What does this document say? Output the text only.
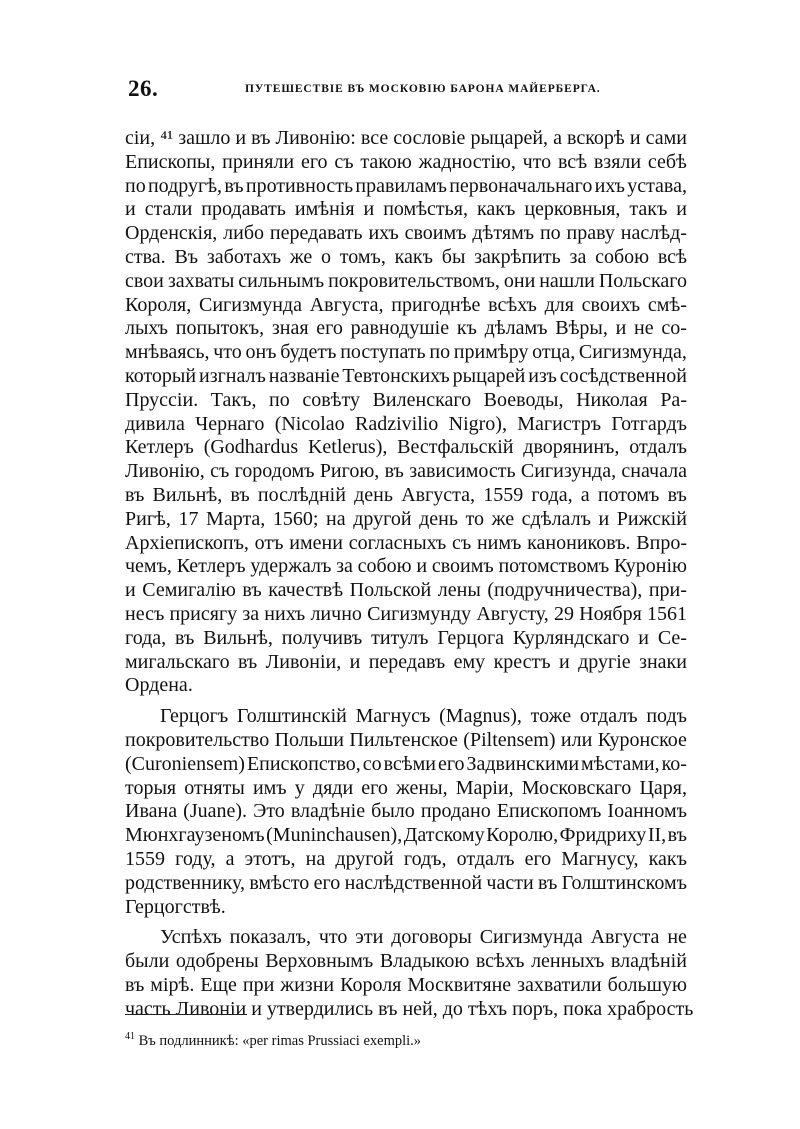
26.	ПУТЕШЕСТВІЕ ВЪ МОСКОВІЮ БАРОНА МАЙЕРБЕРГА.

сіи, ⁴¹ зашло и въ Ливонію: все сословіе рыцарей, а вскорѣ и сами
Епископы, приняли его съ такою жадностію, что всѣ взяли себѣ
по подругѣ, въ противность правиламъ первоначальнаго ихъ устава,
и стали продавать имѣнія и помѣстья, какъ церковныя, такъ и
Орденскія, либо передавать ихъ своимъ дѣтямъ по праву наслѣд-
ства. Въ заботахъ же о томъ, какъ бы закрѣпить за собою всѣ
свои захваты сильнымъ покровительствомъ, они нашли Польскаго
Короля, Сигизмунда Августа, пригоднѣе всѣхъ для своихъ смѣ-
лыхъ попытокъ, зная его равнодушіе къ дѣламъ Вѣры, и не со-
мнѣваясь, что онъ будетъ поступать по примѣру отца, Сигизмунда,
который изгналъ названіе Тевтонскихъ рыцарей изъ сосѣдственной
Пруссіи. Такъ, по совѣту Виленскаго Воеводы, Николая Ра-
дивила Чернаго (Nicolao Radzivilio Nigro), Магистръ Готгардъ
Кетлеръ (Godhardus Ketlerus), Вестфальскій дворянинъ, отдалъ
Ливонію, съ городомъ Ригою, въ зависимость Сигизунда, сначала
въ Вильнѣ, въ послѣдній день Августа, 1559 года, а потомъ въ
Ригѣ, 17 Марта, 1560; на другой день то же сдѣлалъ и Рижскій
Архіепископъ, отъ имени согласныхъ съ нимъ канониковъ. Впро-
чемъ, Кетлеръ удержалъ за собою и своимъ потомствомъ Куронію
и Семигалію въ качествѣ Польской лены (подручничества), при-
несъ присягу за нихъ лично Сигизмунду Августу, 29 Ноября 1561
года, въ Вильнѣ, получивъ титулъ Герцога Курляндскаго и Се-
мигальскаго въ Ливоніи, и передавъ ему крестъ и другіе знаки
Ордена.

Герцогъ Голштинскій Магнусъ (Magnus), тоже отдалъ подъ
покровительство Польши Пильтенское (Piltensem) или Куронское
(Curoniensem) Епископство, со всѣми его Задвинскими мѣстами, ко-
торыя отняты имъ у дяди его жены, Маріи, Московскаго Царя,
Ивана (Juane). Это владѣніе было продано Епископомъ Іоанномъ
Мюнхгаузеномъ (Muninchausen), Датскому Королю, Фридриху II, въ
1559 году, а этотъ, на другой годъ, отдалъ его Магнусу, какъ
родственнику, вмѣсто его наслѣдственной части въ Голштинскомъ
Герцогствѣ.

Успѣхъ показалъ, что эти договоры Сигизмунда Августа не
были одобрены Верховнымъ Владыкою всѣхъ ленныхъ владѣній
въ мірѣ. Еще при жизни Короля Москвитяне захватили большую
часть Ливоніи и утвердились въ ней, до тѣхъ поръ, пока храбрость

$^{41}$ Въ подлинникѣ: «per rimas Prussiaci exempli.»
